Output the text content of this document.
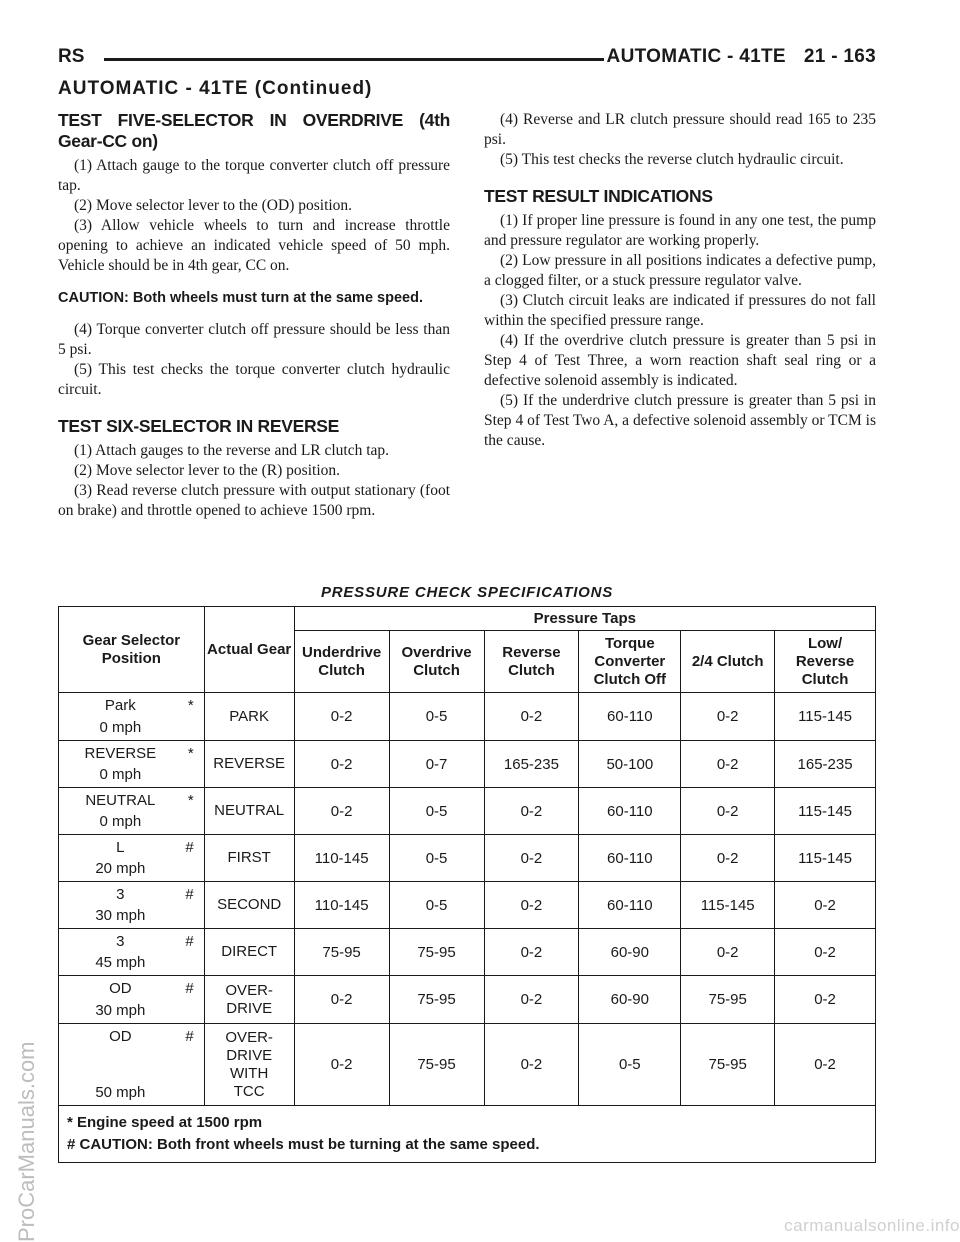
RS	AUTOMATIC - 41TE 21 - 163
AUTOMATIC - 41TE (Continued)
TEST FIVE-SELECTOR IN OVERDRIVE (4th Gear-CC on)

(1) Attach gauge to the torque converter clutch off pressure tap.

(2) Move selector lever to the (OD) position.

(3) Allow vehicle wheels to turn and increase throttle opening to achieve an indicated vehicle speed of 50 mph. Vehicle should be in 4th gear, CC on.

CAUTION: Both wheels must turn at the same speed.

(4) Torque converter clutch off pressure should be less than 5 psi.

(5) This test checks the torque converter clutch hydraulic circuit.

TEST SIX-SELECTOR IN REVERSE

(1) Attach gauges to the reverse and LR clutch tap.

(2) Move selector lever to the (R) position.

(3) Read reverse clutch pressure with output stationary (foot on brake) and throttle opened to achieve 1500 rpm.

(4) Reverse and LR clutch pressure should read 165 to 235 psi.

(5) This test checks the reverse clutch hydraulic circuit.

TEST RESULT INDICATIONS

(1) If proper line pressure is found in any one test, the pump and pressure regulator are working properly.

(2) Low pressure in all positions indicates a defective pump, a clogged filter, or a stuck pressure regulator valve.

(3) Clutch circuit leaks are indicated if pressures do not fall within the specified pressure range.

(4) If the overdrive clutch pressure is greater than 5 psi in Step 4 of Test Three, a worn reaction shaft seal ring or a defective solenoid assembly is indicated.

(5) If the underdrive clutch pressure is greater than 5 psi in Step 4 of Test Two A, a defective solenoid assembly or TCM is the cause.

PRESSURE CHECK SPECIFICATIONS
Gear Selector Position	Actual Gear	Pressure Taps					
		Underdrive Clutch	Overdrive Clutch	Reverse Clutch	Torque Converter Clutch Off	2/4 Clutch	Low/ Reverse Clutch

Park *
0 mph	PARK	0-2	0-5	0-2	60-110	0-2	115-145

REVERSE *
0 mph	REVERSE	0-2	0-7	165-235	50-100	0-2	165-235

NEUTRAL *
0 mph	NEUTRAL	0-2	0-5	0-2	60-110	0-2	115-145

L #
20 mph	FIRST	110-145	0-5	0-2	60-110	0-2	115-145

3 #
30 mph	SECOND	110-145	0-5	0-2	60-110	115-145	0-2

3 #
45 mph	DIRECT	75-95	75-95	0-2	60-90	0-2	0-2

OD #
30 mph	OVER-
DRIVE	0-2	75-95	0-2	60-90	75-95	0-2

OD #
50 mph	OVER-
DRIVE
WITH
TCC	0-2	75-95	0-2	0-5	75-95	0-2

* Engine speed at 1500 rpm
# CAUTION: Both front wheels must be turning at the same speed.							
ProCarManuals.com	carmanualsonline.info
